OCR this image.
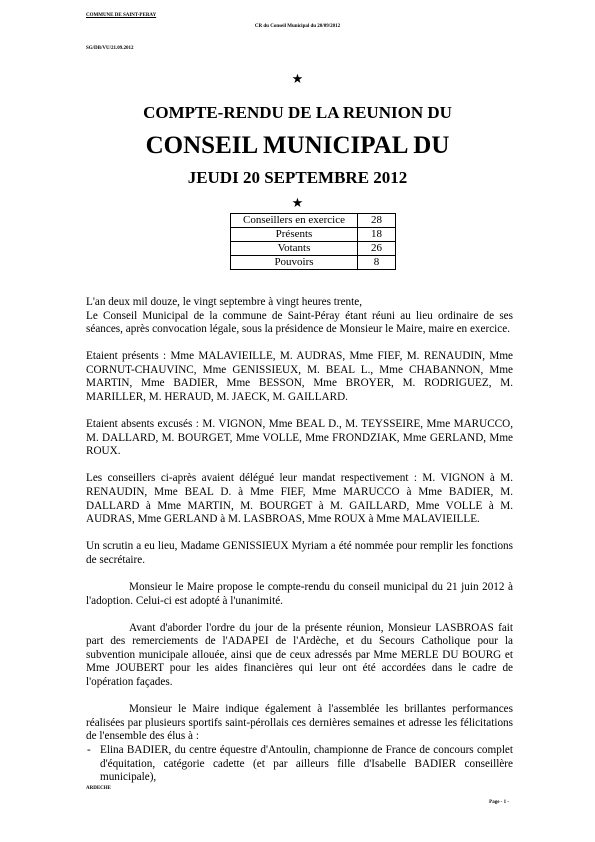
COMMUNE DE SAINT-PERAY
CR du Conseil Municipal du 20/09/2012
SG/DB/VU/21.09.2012
★
COMPTE-RENDU DE LA REUNION DU
CONSEIL MUNICIPAL DU
JEUDI 20 SEPTEMBRE 2012
★
Conseillers en exercice	28
Présents	18
Votants	26
Pouvoirs	8

L'an deux mil douze, le vingt septembre à vingt heures trente,

Le Conseil Municipal de la commune de Saint-Péray étant réuni au lieu ordinaire de ses séances, après convocation légale, sous la présidence de Monsieur le Maire, maire en exercice.

Etaient présents : Mme MALAVIEILLE, M. AUDRAS, Mme FIEF, M. RENAUDIN, Mme CORNUT-CHAUVINC, Mme GENISSIEUX, M. BEAL L., Mme CHABANNON, Mme MARTIN, Mme BADIER, Mme BESSON, Mme BROYER, M. RODRIGUEZ, M. MARILLER, M. HERAUD, M. JAECK, M. GAILLARD.

Etaient absents excusés : M. VIGNON, Mme BEAL D., M. TEYSSEIRE, Mme MARUCCO, M. DALLARD, M. BOURGET, Mme VOLLE, Mme FRONDZIAK, Mme GERLAND, Mme ROUX.

Les conseillers ci-après avaient délégué leur mandat respectivement : M. VIGNON à M. RENAUDIN, Mme BEAL D. à Mme FIEF, Mme MARUCCO à Mme BADIER, M. DALLARD à Mme MARTIN, M. BOURGET à M. GAILLARD, Mme VOLLE à M. AUDRAS, Mme GERLAND à M. LASBROAS, Mme ROUX à Mme MALAVIEILLE.

Un scrutin a eu lieu, Madame GENISSIEUX Myriam a été nommée pour remplir les fonctions de secrétaire.

Monsieur le Maire propose le compte-rendu du conseil municipal du 21 juin 2012 à l'adoption. Celui-ci est adopté à l'unanimité.

Avant d'aborder l'ordre du jour de la présente réunion, Monsieur LASBROAS fait part des remerciements de l'ADAPEI de l'Ardèche, et du Secours Catholique pour la subvention municipale allouée, ainsi que de ceux adressés par Mme MERLE DU BOURG et Mme JOUBERT pour les aides financières qui leur ont été accordées dans le cadre de l'opération façades.

Monsieur le Maire indique également à l'assemblée les brillantes performances réalisées par plusieurs sportifs saint-pérollais ces dernières semaines et adresse les félicitations de l'ensemble des élus à :

- Elina BADIER, du centre équestre d'Antoulin, championne de France de concours complet d'équitation, catégorie cadette (et par ailleurs fille d'Isabelle BADIER conseillère municipale),
ARDECHE
Page - 1 -
